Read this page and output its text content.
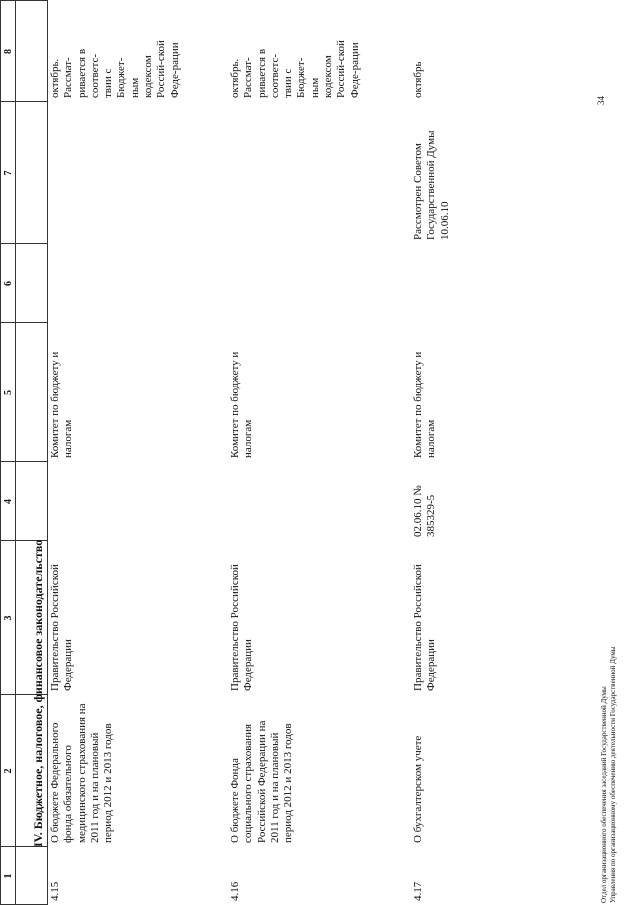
1
2
3
4
5
6
7
8
IV. Бюджетное, налоговое, финансовое законодательство
4.15
О бюджете Федерального фонда обязательного медицинского страхования на 2011 год и на плановый период 2012 и 2013 годов
Правительство Российской Федерации
Комитет по бюджету и налогам
октябрь. Рассмат-ривается в соответс-твии с Бюджет-ным кодексом Россий-ской Феде-рации
4.16
О бюджете Фонда социального страхования Российской Федерации на 2011 год и на плановый период 2012 и 2013 годов
Правительство Российской Федерации
Комитет по бюджету и налогам
октябрь. Рассмат-ривается в соответс-твии с Бюджет-ным кодексом Россий-ской Феде-рации
4.17
О бухгалтерском учете
Правительство Российской Федерации
02.06.10 № 385329-5
Комитет по бюджету и налогам
Рассмотрен Советом Государственной Думы 10.06.10
октябрь
Отдел организационного обеспечения заседаний Государственной Думы Управления по организационному обеспечению деятельности Государственной Думы
34
